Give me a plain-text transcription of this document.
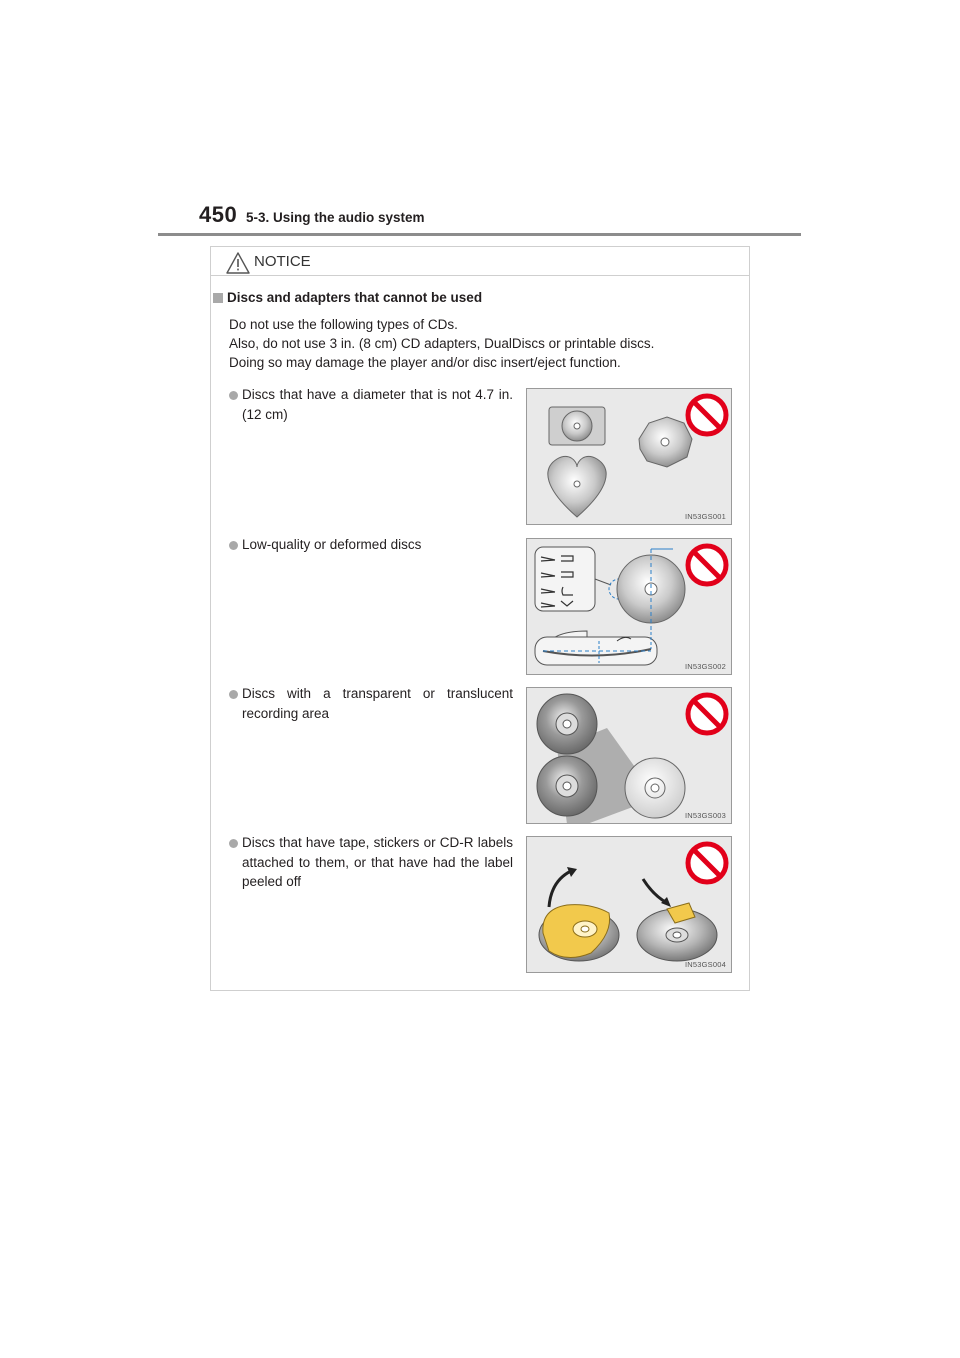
450 5-3. Using the audio system
NOTICE
Discs and adapters that cannot be used
Do not use the following types of CDs.
Also, do not use 3 in. (8 cm) CD adapters, DualDiscs or printable discs.
Doing so may damage the player and/or disc insert/eject function.
Discs that have a diameter that is not 4.7 in. (12 cm)
IN53GS001
Low-quality or deformed discs
IN53GS002
Discs with a transparent or translucent recording area
IN53GS003
Discs that have tape, stickers or CD-R labels attached to them, or that have had the label peeled off
IN53GS004
